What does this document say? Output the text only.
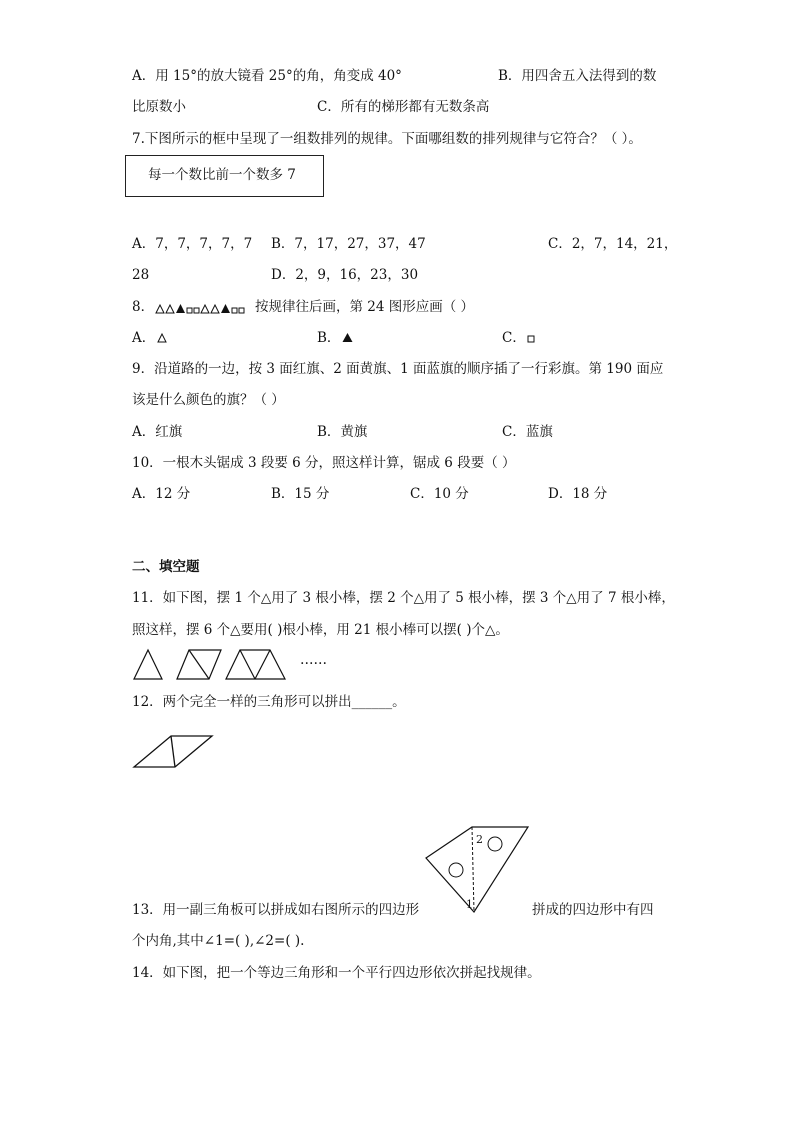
A．用 15°的放大镜看 25°的角，角变成 40°	B．用四舍五入法得到的数
比原数小	C．所有的梯形都有无数条高
7.下图所示的框中呈现了一组数排列的规律。下面哪组数的排列规律与它符合？（ ）。
每一个数比前一个数多 7
A．7，7，7，7，7 B．7，17，27，37，47	C．2，7，14，21，
28	D．2，9，16，23，30
8．	按规律往后画，第 24 图形应画（ ）
A．	B．	C．
9．沿道路的一边，按 3 面红旗、2 面黄旗、1 面蓝旗的顺序插了一行彩旗。第 190 面应
该是什么颜色的旗？（ ）
A．红旗	B．黄旗	C．蓝旗
10．一根木头锯成 3 段要 6 分，照这样计算，锯成 6 段要（ ）
A．12 分	B．15 分	C．10 分	D．18 分
二、填空题
11．如下图，摆 1 个△用了 3 根小棒，摆 2 个△用了 5 根小棒，摆 3 个△用了 7 根小棒，
照这样，摆 6 个△要用( )根小棒，用 21 根小棒可以摆( )个△。
……
12．两个完全一样的三角形可以拼出______。
1
2
13．用一副三角板可以拼成如右图所示的四边形	拼成的四边形中有四
个内角,其中∠1=( ),∠2=( ).
14．如下图，把一个等边三角形和一个平行四边形依次拼起找规律。
